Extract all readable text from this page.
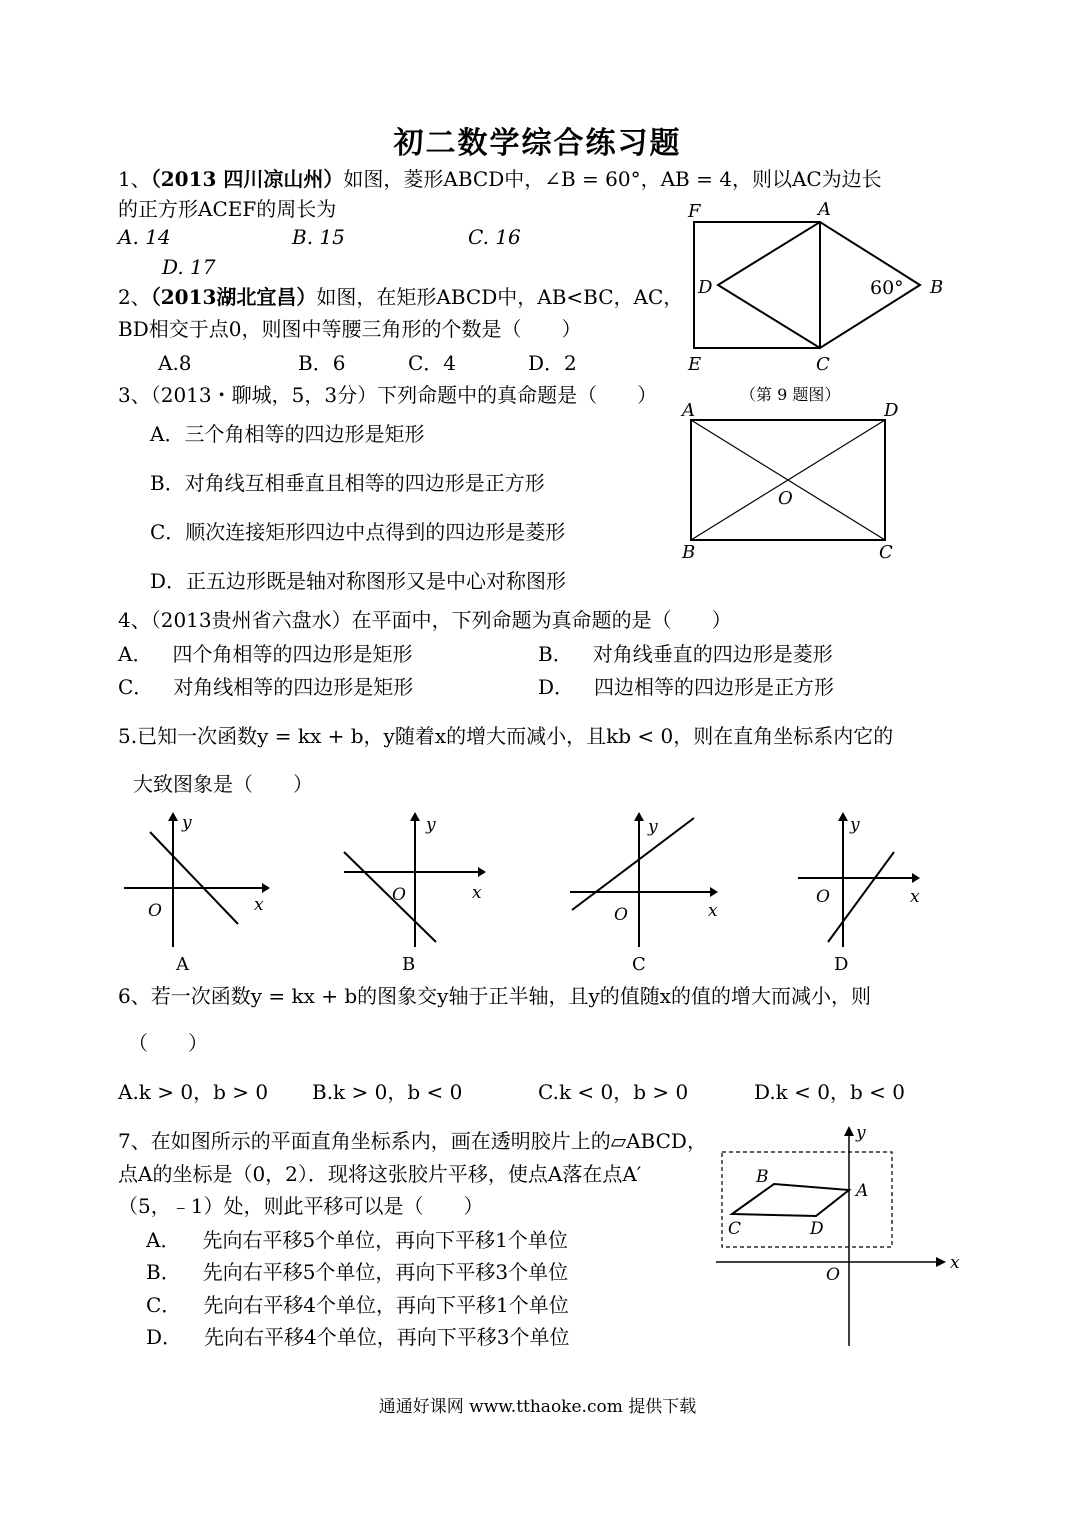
初二数学综合练习题
1、（2013 四川凉山州）如图，菱形ABCD中，∠B = 60°，AB = 4，则以AC为边长
的正方形ACEF的周长为
A. 14	B. 15	C. 16
D. 17
F	A
D	B
E	C
60°
2、（2013湖北宜昌）如图，在矩形ABCD中，AB<BC，AC，
BD相交于点0，则图中等腰三角形的个数是（　　）
A.8	B．6	C．4	D．2
3、（2013・聊城，5，3分）下列命题中的真命题是（　　）
A．三个角相等的四边形是矩形
B．对角线互相垂直且相等的四边形是正方形
C．顺次连接矩形四边中点得到的四边形是菱形
D．正五边形既是轴对称图形又是中心对称图形
（第 9 题图）
A	D
O
B	C
4、（2013贵州省六盘水）在平面中，下列命题为真命题的是（　　）
A． 四个角相等的四边形是矩形	B． 对角线垂直的四边形是菱形
C． 对角线相等的四边形是矩形	D． 四边相等的四边形是正方形
5.已知一次函数y = kx + b，y随着x的增大而减小，且kb < 0，则在直角坐标系内它的
大致图象是（　　）
y
x
O
A
y
x
O
B
y
x
O
C
y
x
O
D
6、若一次函数y = kx + b的图象交y轴于正半轴，且y的值随x的值的增大而减小，则
（　　）
A.k > 0，b > 0 B.k > 0，b < 0	C.k < 0，b > 0	D.k < 0，b < 0
7、在如图所示的平面直角坐标系内，画在透明胶片上的▱ABCD，
点A的坐标是（0，2）．现将这张胶片平移，使点A落在点A′
（5，﹣1）处，则此平移可以是（　　）
A． 先向右平移5个单位，再向下平移1个单位
B． 先向右平移5个单位，再向下平移3个单位
C． 先向右平移4个单位，再向下平移1个单位
D． 先向右平移4个单位，再向下平移3个单位
B
A
C	D
O
x
y
通通好课网 www.tthaoke.com 提供下载
